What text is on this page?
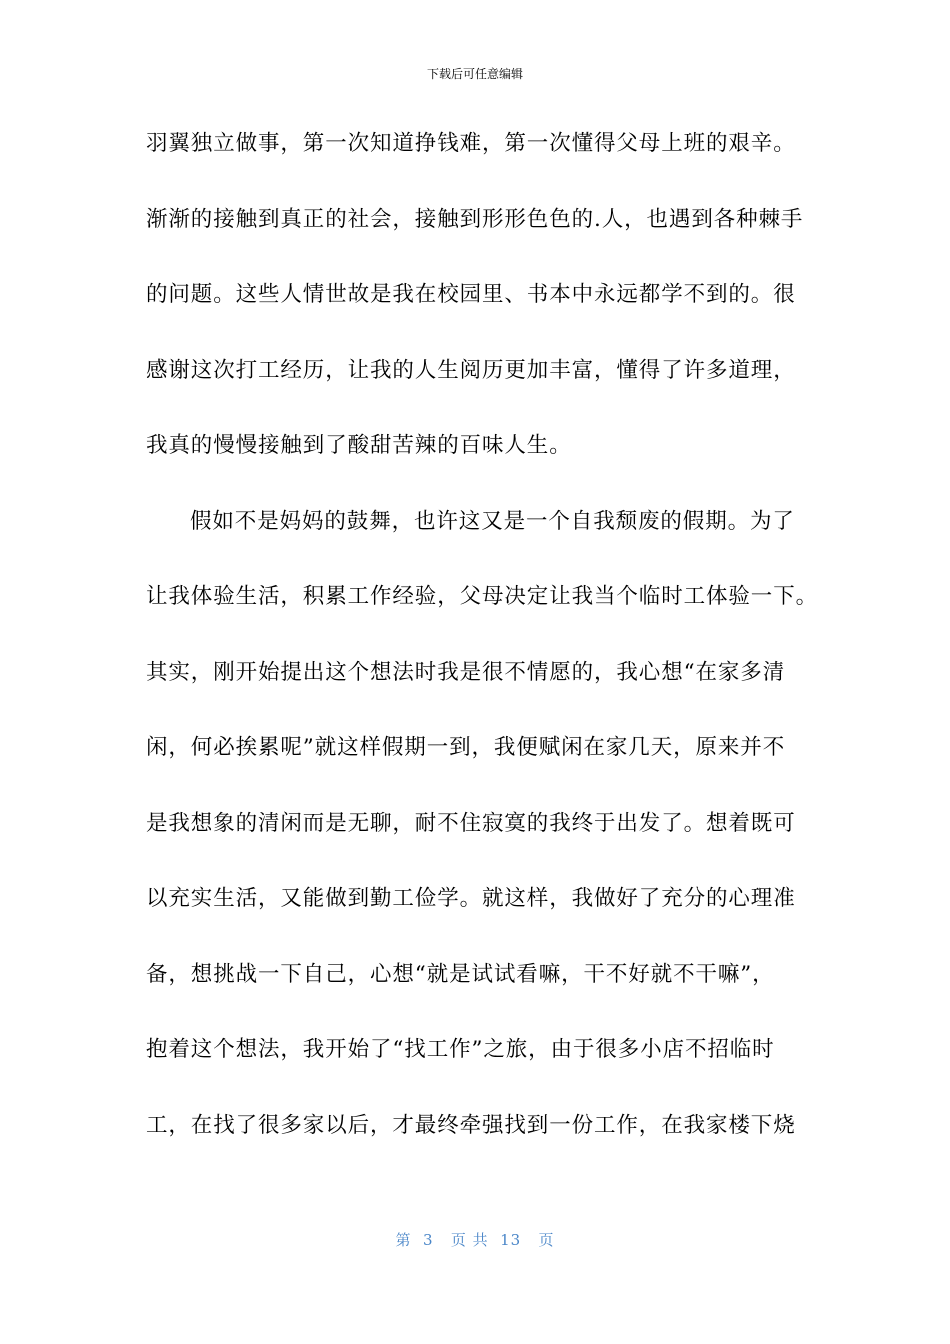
下载后可任意编辑
羽翼独立做事，第一次知道挣钱难，第一次懂得父母上班的艰辛。
渐渐的接触到真正的社会，接触到形形色色的.人，也遇到各种棘手
的问题。这些人情世故是我在校园里、书本中永远都学不到的。很
感谢这次打工经历，让我的人生阅历更加丰富，懂得了许多道理，
我真的慢慢接触到了酸甜苦辣的百味人生。
假如不是妈妈的鼓舞，也许这又是一个自我颓废的假期。为了
让我体验生活，积累工作经验，父母决定让我当个临时工体验一下。
其实，刚开始提出这个想法时我是很不情愿的，我心想“在家多清
闲，何必挨累呢”就这样假期一到，我便赋闲在家几天，原来并不
是我想象的清闲而是无聊，耐不住寂寞的我终于出发了。想着既可
以充实生活，又能做到勤工俭学。就这样，我做好了充分的心理准
备，想挑战一下自己，心想“就是试试看嘛，干不好就不干嘛”，
抱着这个想法，我开始了“找工作”之旅，由于很多小店不招临时
工，在找了很多家以后，才最终牵强找到一份工作，在我家楼下烧
第  3   页 共  13   页
